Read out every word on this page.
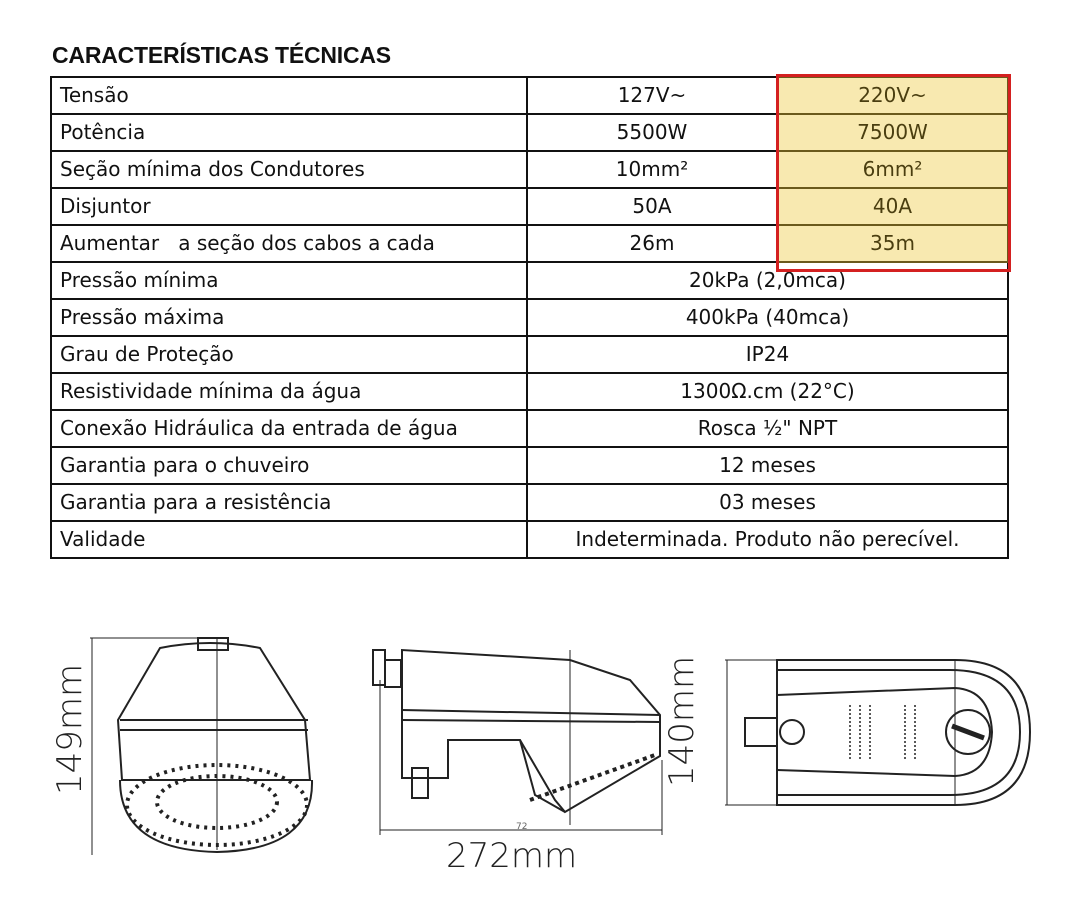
CARACTERÍSTICAS TÉCNICAS
Tensão	127V~	220V~
Potência	5500W	7500W
Seção mínima dos Condutores	10mm²	6mm²
Disjuntor	50A	40A
Aumentar   a seção dos cabos a cada	26m	35m
Pressão mínima	20kPa (2,0mca)	
Pressão máxima	400kPa (40mca)	
Grau de Proteção	IP24	
Resistividade mínima da água	1300Ω.cm (22°C)	
Conexão Hidráulica da entrada de água	Rosca ½" NPT	
Garantia para o chuveiro	12 meses	
Garantia para a resistência	03 meses	
Validade	Indeterminada. Produto não perecível.	
149mm
72
272mm
140mm
